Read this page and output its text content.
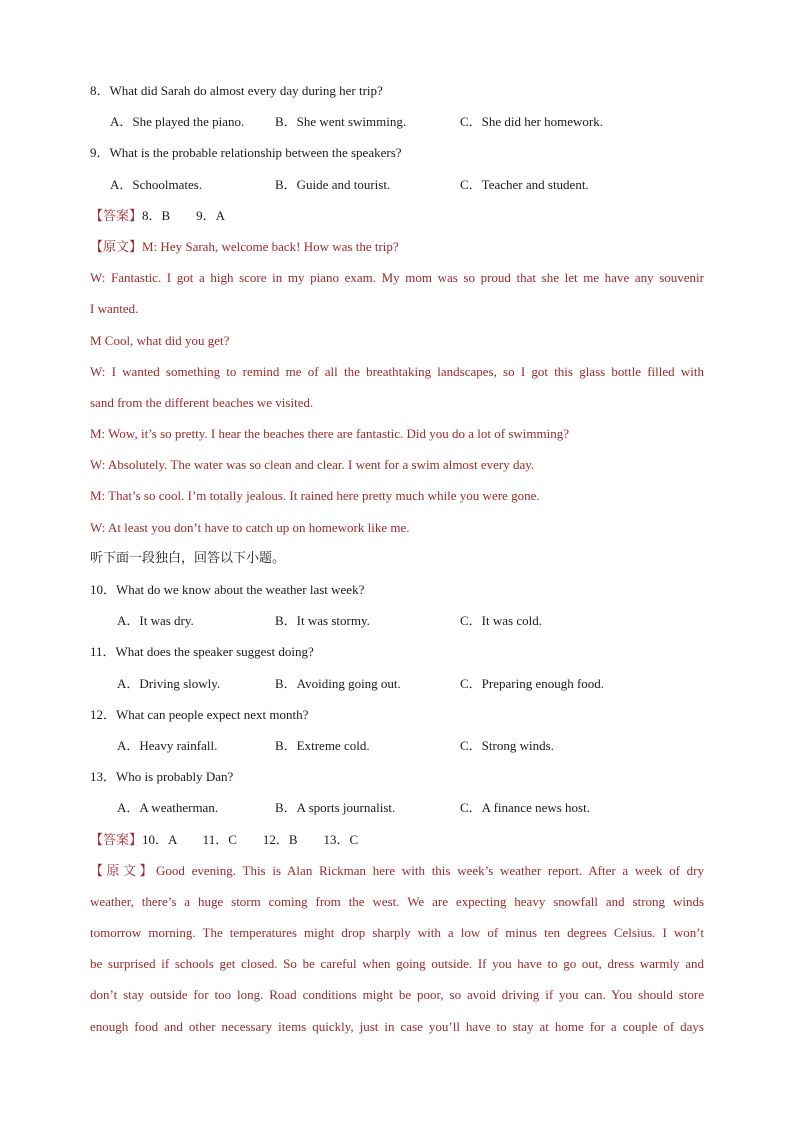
8．What did Sarah do almost every day during her trip?
A．She played the piano. B．She went swimming.	C．She did her homework.
9．What is the probable relationship between the speakers?
A．Schoolmates.	B．Guide and tourist.	C．Teacher and student.
【答案】8．B　　9．A
【原文】M: Hey Sarah, welcome back! How was the trip?
W: Fantastic. I got a high score in my piano exam. My mom was so proud that she let me have any souvenir
I wanted.
M Cool, what did you get?
W: I wanted something to remind me of all the breathtaking landscapes, so I got this glass bottle filled with
sand from the different beaches we visited.
M: Wow, it’s so pretty. I hear the beaches there are fantastic. Did you do a lot of swimming?
W: Absolutely. The water was so clean and clear. I went for a swim almost every day.
M: That’s so cool. I’m totally jealous. It rained here pretty much while you were gone.
W: At least you don’t have to catch up on homework like me.
听下面一段独白，回答以下小题。
10．What do we know about the weather last week?
A．It was dry.	B．It was stormy.	C．It was cold.
11．What does the speaker suggest doing?
A．Driving slowly.	B．Avoiding going out.	C．Preparing enough food.
12．What can people expect next month?
A．Heavy rainfall.	B．Extreme cold.	C．Strong winds.
13．Who is probably Dan?
A．A weatherman.	B．A sports journalist.	C．A finance news host.
【答案】10．A　　11．C　　12．B　　13．C
【原文】Good evening. This is Alan Rickman here with this week’s weather report. After a week of dry
weather, there’s a huge storm coming from the west. We are expecting heavy snowfall and strong winds
tomorrow morning. The temperatures might drop sharply with a low of minus ten degrees Celsius. I won’t
be surprised if schools get closed. So be careful when going outside. If you have to go out, dress warmly and
don’t stay outside for too long. Road conditions might be poor, so avoid driving if you can. You should store
enough food and other necessary items quickly, just in case you’ll have to stay at home for a couple of days
